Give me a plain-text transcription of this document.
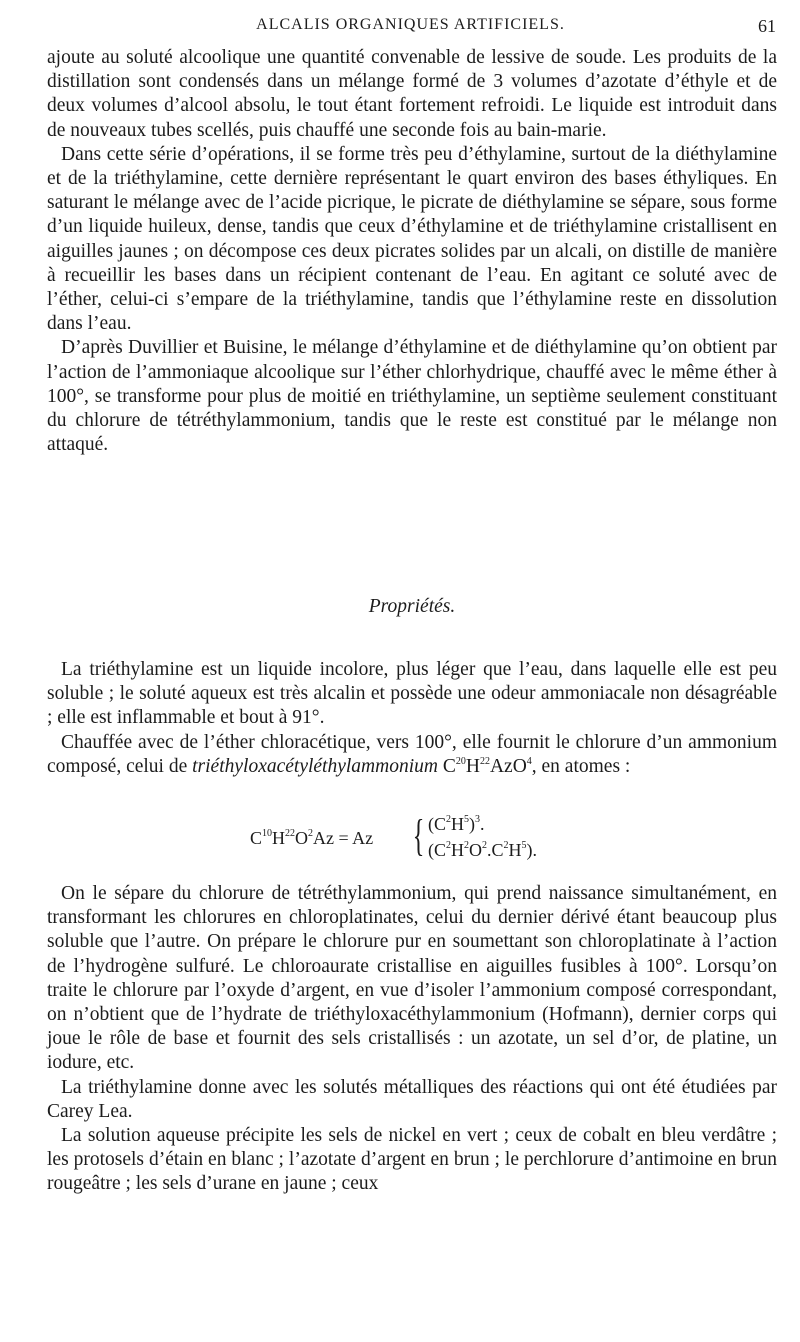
ALCALIS ORGANIQUES ARTIFICIELS.	61

ajoute au soluté alcoolique une quantité convenable de lessive de soude. Les produits de la distillation sont condensés dans un mélange formé de 3 volumes d’azotate d’éthyle et de deux volumes d’alcool absolu, le tout étant fortement refroidi. Le liquide est introduit dans de nouveaux tubes scellés, puis chauffé une seconde fois au bain-marie.

Dans cette série d’opérations, il se forme très peu d’éthylamine, surtout de la diéthylamine et de la triéthylamine, cette dernière représentant le quart environ des bases éthyliques. En saturant le mélange avec de l’acide picrique, le picrate de diéthylamine se sépare, sous forme d’un liquide huileux, dense, tandis que ceux d’éthylamine et de triéthylamine cristallisent en aiguilles jaunes ; on décompose ces deux picrates solides par un alcali, on distille de manière à recueillir les bases dans un récipient contenant de l’eau. En agitant ce soluté avec de l’éther, celui-ci s’empare de la triéthylamine, tandis que l’éthylamine reste en dissolution dans l’eau.

D’après Duvillier et Buisine, le mélange d’éthylamine et de diéthylamine qu’on obtient par l’action de l’ammoniaque alcoolique sur l’éther chlorhydrique, chauffé avec le même éther à 100°, se transforme pour plus de moitié en triéthylamine, un septième seulement constituant du chlorure de tétréthylammonium, tandis que le reste est constitué par le mélange non attaqué.

Propriétés.

La triéthylamine est un liquide incolore, plus léger que l’eau, dans laquelle elle est peu soluble ; le soluté aqueux est très alcalin et possède une odeur ammoniacale non désagréable ; elle est inflammable et bout à 91°.

Chauffée avec de l’éther chloracétique, vers 100°, elle fournit le chlorure d’un ammonium composé, celui de triéthyloxacétyléthylammonium $C^{20}H^{22}AzO^4$, en atomes :

$C^{10}H^{22}O^2Az = Az$ { $(C^2H^5)^3$.
$(C^2H^2O^2.C^2H^5)$.

On le sépare du chlorure de tétréthylammonium, qui prend naissance simultanément, en transformant les chlorures en chloroplatinates, celui du dernier dérivé étant beaucoup plus soluble que l’autre. On prépare le chlorure pur en soumettant son chloroplatinate à l’action de l’hydrogène sulfuré. Le chloroaurate cristallise en aiguilles fusibles à 100°. Lorsqu’on traite le chlorure par l’oxyde d’argent, en vue d’isoler l’ammonium composé correspondant, on n’obtient que de l’hydrate de triéthyloxacéthylammonium (Hofmann), dernier corps qui joue le rôle de base et fournit des sels cristallisés : un azotate, un sel d’or, de platine, un iodure, etc.

La triéthylamine donne avec les solutés métalliques des réactions qui ont été étudiées par Carey Lea.

La solution aqueuse précipite les sels de nickel en vert ; ceux de cobalt en bleu verdâtre ; les protosels d’étain en blanc ; l’azotate d’argent en brun ; le perchlorure d’antimoine en brun rougeâtre ; les sels d’urane en jaune ; ceux
